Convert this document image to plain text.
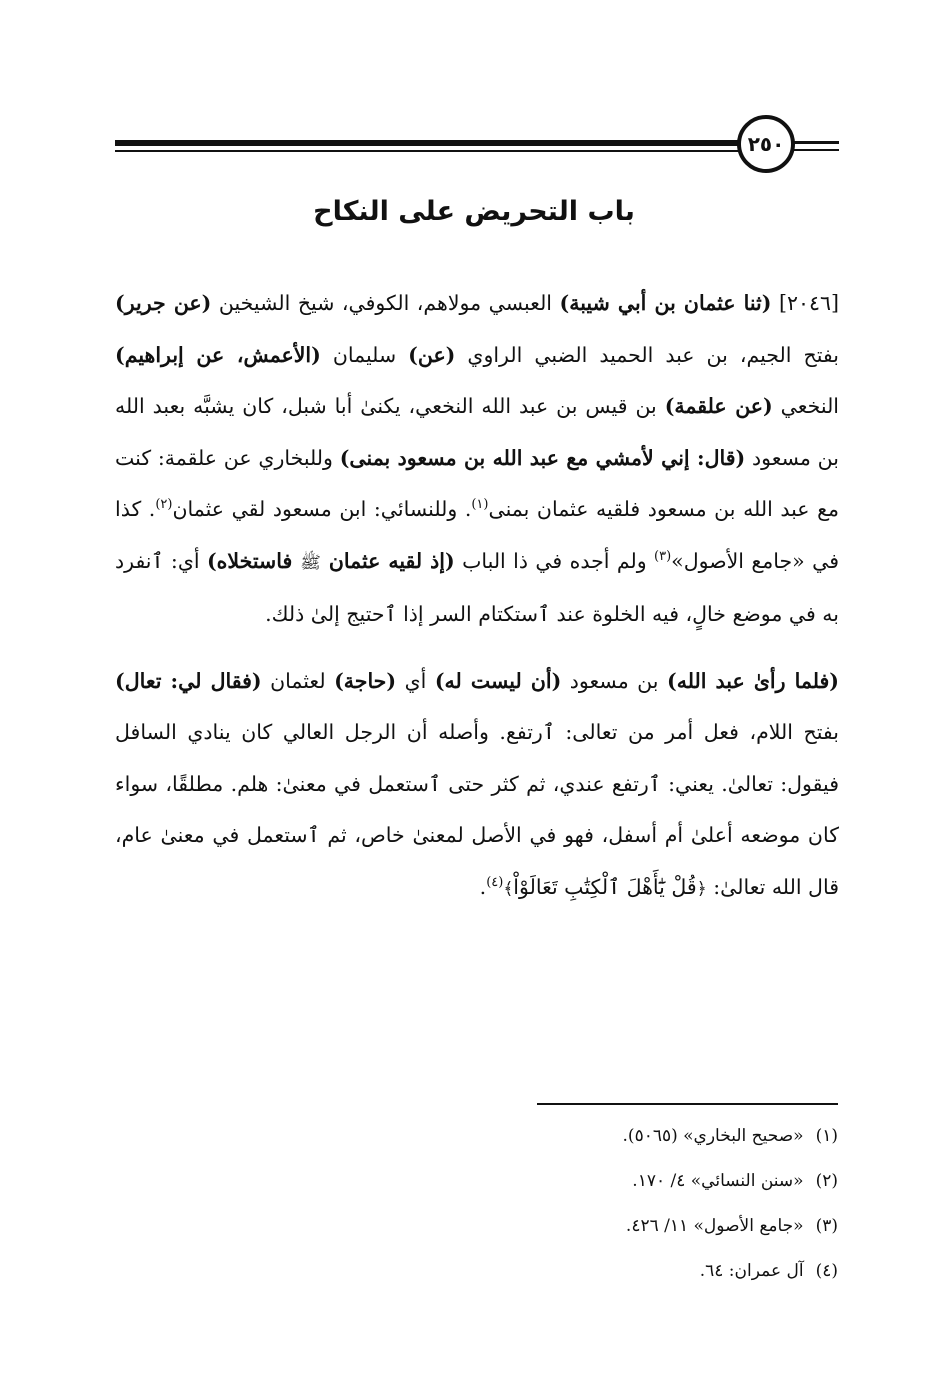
٢٥٠
باب التحريض على النكاح

[٢٠٤٦] (ثنا عثمان بن أبي شيبة) العبسي مولاهم، الكوفي، شيخ الشيخين (عن جرير) بفتح الجيم، بن عبد الحميد الضبي الراوي (عن) سليمان (الأعمش، عن إبراهيم) النخعي (عن علقمة) بن قيس بن عبد الله النخعي، يكنىٰ أبا شبل، كان يشبَّه بعبد الله بن مسعود (قال: إني لأمشي مع عبد الله بن مسعود بمنى) وللبخاري عن علقمة: كنت مع عبد الله بن مسعود فلقيه عثمان بمنى$^{(١)}$. وللنسائي: ابن مسعود لقي عثمان$^{(٢)}$. كذا في «جامع الأصول»$^{(٣)}$ ولم أجده في ذا الباب (إذ لقيه عثمان ﷺ فاستخلاه) أي: ٱنفرد به في موضع خالٍ، فيه الخلوة عند ٱستكتام السر إذا ٱحتيج إلىٰ ذلك.

(فلما رأىٰ عبد الله) بن مسعود (أن ليست له) أي (حاجة) لعثمان (فقال لي: تعال) بفتح اللام، فعل أمر من تعالى: ٱرتفع. وأصله أن الرجل العالي كان ينادي السافل فيقول: تعالىٰ. يعني: ٱرتفع عندي، ثم كثر حتى ٱستعمل في معنىٰ: هلم. مطلقًا، سواء كان موضعه أعلىٰ أم أسفل، فهو في الأصل لمعنىٰ خاص، ثم ٱستعمل في معنىٰ عام، قال الله تعالىٰ: ﴿قُلْ يَٰٓأَهْلَ ٱلْكِتَٰبِ تَعَالَوْاْ﴾$^{(٤)}$.

(١)«صحيح البخاري» (٥٠٦٥).
(٢)«سنن النسائي» ٤/ ١٧٠.
(٣)«جامع الأصول» ١١/ ٤٢٦.
(٤)آل عمران: ٦٤.
